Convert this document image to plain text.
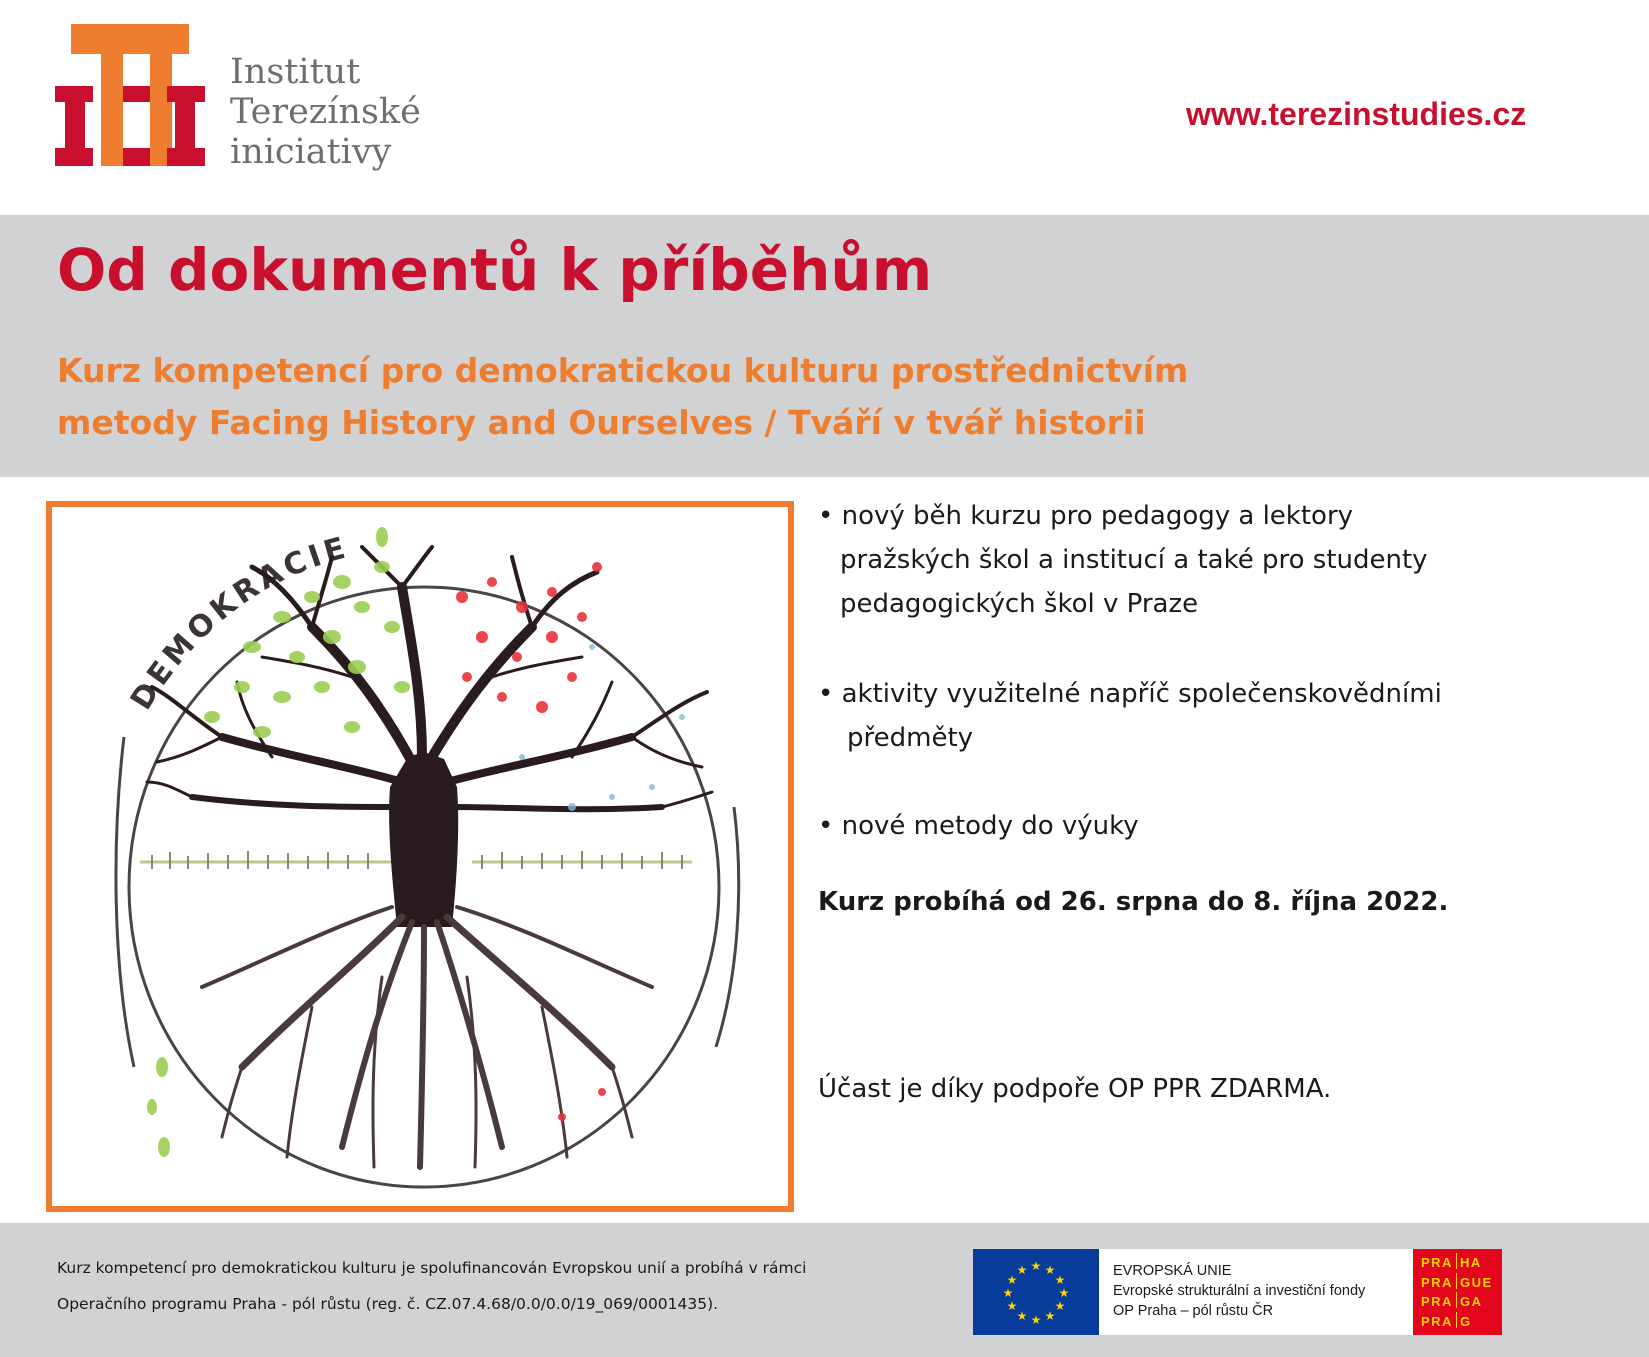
Institut
Terezínské
iniciativy
www.terezinstudies.cz
Od dokumentů k příběhům
Kurz kompetencí pro demokratickou kulturu prostřednictvím
metody Facing History and Ourselves / Tváří v tvář historii
DEMOKRACIE
• nový běh kurzu pro pedagogy a lektory
pražských škol a institucí a také pro studenty
pedagogických škol v Praze
• aktivity využitelné napříč společenskovědními
předměty
• nové metody do výuky
Kurz probíhá od 26. srpna do 8. října 2022.
Účast je díky podpoře OP PPR ZDARMA.
Kurz kompetencí pro demokratickou kulturu je spolufinancován Evropskou unií a probíhá v rámci
Operačního programu Praha - pól růstu (reg. č. CZ.07.4.68/0.0/0.0/19_069/0001435).
★ ★
★
★
★
★
★
★
★
★
★
★	EVROPSKÁ UNIE
Evropské strukturální a investiční fondy
OP Praha – pól růstu ČR
PRA HA
PRA GUE
PRA GA
PRA G
